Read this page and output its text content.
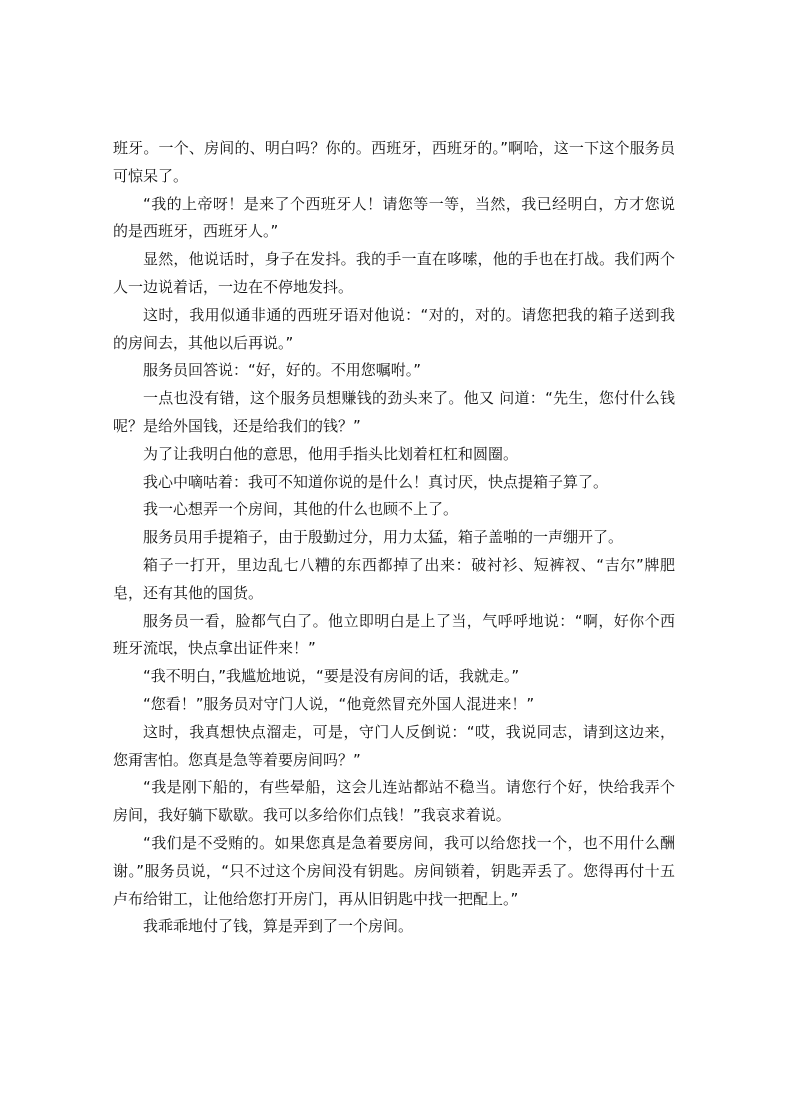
班牙。一个、房间的、明白吗？你的。西班牙，西班牙的。”啊哈，这一下这个服务员可惊呆了。

“我的上帝呀！是来了个西班牙人！请您等一等，当然，我已经明白，方才您说的是西班牙，西班牙人。”

显然，他说话时，身子在发抖。我的手一直在哆嗦，他的手也在打战。我们两个人一边说着话，一边在不停地发抖。

这时，我用似通非通的西班牙语对他说：“对的，对的。请您把我的箱子送到我的房间去，其他以后再说。”

服务员回答说：“好，好的。不用您嘱咐。”

一点也没有错，这个服务员想赚钱的劲头来了。他又 问道：“先生，您付什么钱呢？是给外国钱，还是给我们的钱？”

为了让我明白他的意思，他用手指头比划着杠杠和圆圈。

我心中嘀咕着：我可不知道你说的是什么！真讨厌，快点提箱子算了。

我一心想弄一个房间，其他的什么也顾不上了。

服务员用手提箱子，由于殷勤过分，用力太猛，箱子盖啪的一声绷开了。

箱子一打开，里边乱七八糟的东西都掉了出来：破衬衫、短裤衩、“吉尔”牌肥皂，还有其他的国货。

服务员一看，脸都气白了。他立即明白是上了当，气呼呼地说：“啊，好你个西班牙流氓，快点拿出证件来！”

“我不明白，”我尴尬地说，“要是没有房间的话，我就走。”

“您看！”服务员对守门人说，“他竟然冒充外国人混进来！”

这时，我真想快点溜走，可是，守门人反倒说：“哎，我说同志，请到这边来，您甭害怕。您真是急等着要房间吗？”

“我是刚下船的，有些晕船，这会儿连站都站不稳当。请您行个好，快给我弄个房间，我好躺下歇歇。我可以多给你们点钱！”我哀求着说。

“我们是不受贿的。如果您真是急着要房间，我可以给您找一个，也不用什么酬谢。”服务员说，“只不过这个房间没有钥匙。房间锁着，钥匙弄丢了。您得再付十五卢布给钳工，让他给您打开房门，再从旧钥匙中找一把配上。”

我乖乖地付了钱，算是弄到了一个房间。
